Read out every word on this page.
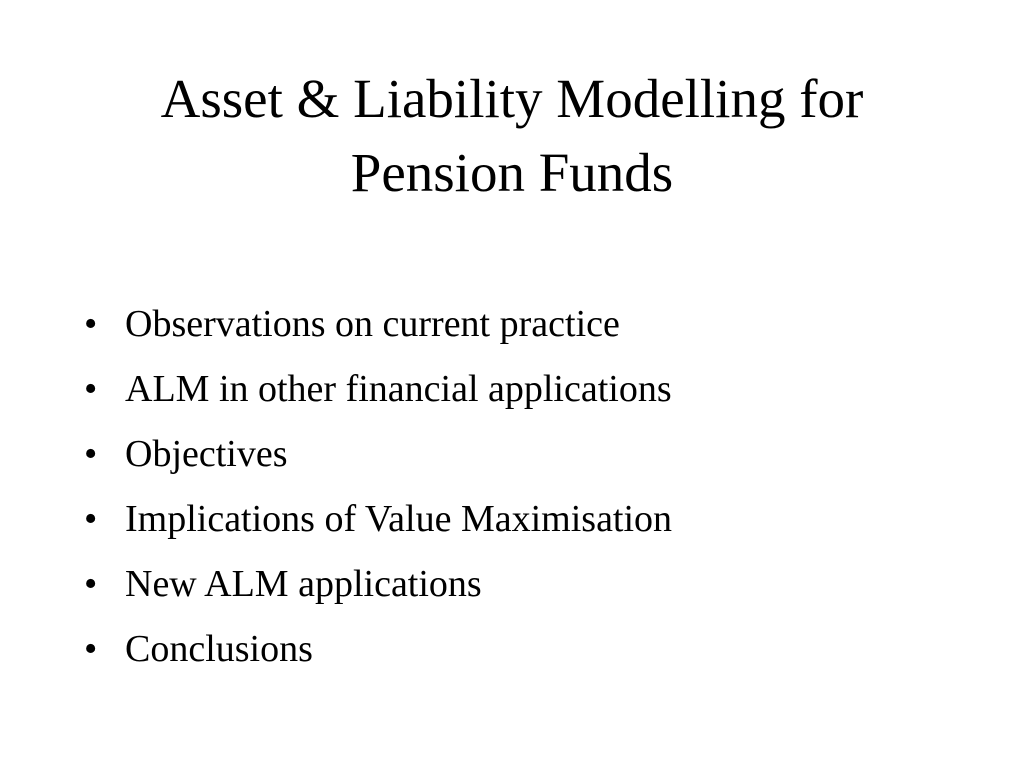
Asset & Liability Modelling for
Pension Funds
• Observations on current practice
• ALM in other financial applications
• Objectives
• Implications of Value Maximisation
• New ALM applications
• Conclusions
